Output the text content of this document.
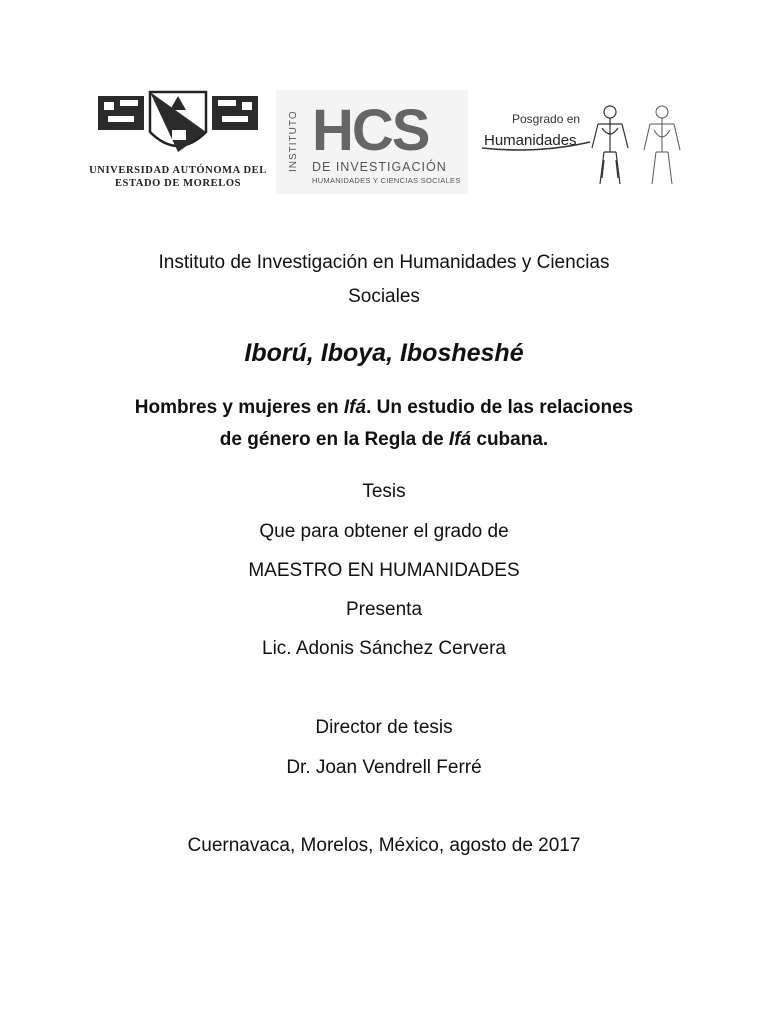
UNIVERSIDAD AUTÓNOMA DEL
ESTADO DE MORELOS
INSTITUTO HCS
DE INVESTIGACIÓN
HUMANIDADES Y CIENCIAS SOCIALES
Posgrado en
Humanidades
Instituto de Investigación en Humanidades y Ciencias
Sociales
Iború, Iboya, Ibosheshé
Hombres y mujeres en Ifá. Un estudio de las relaciones
de género en la Regla de Ifá cubana.
Tesis
Que para obtener el grado de
MAESTRO EN HUMANIDADES
Presenta
Lic. Adonis Sánchez Cervera
Director de tesis
Dr. Joan Vendrell Ferré
Cuernavaca, Morelos, México, agosto de 2017
